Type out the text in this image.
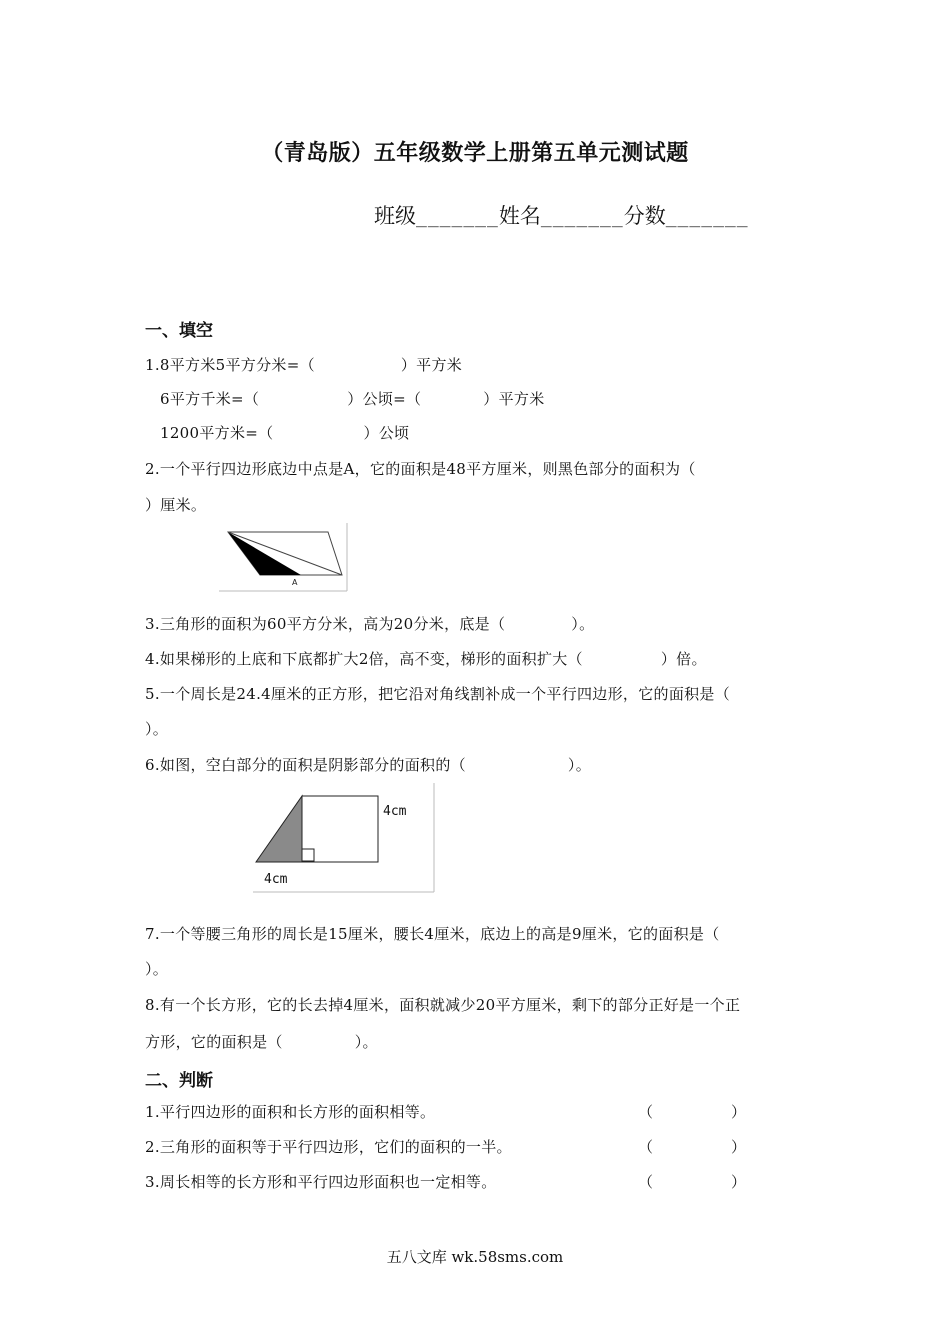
（青岛版）五年级数学上册第五单元测试题
班级_______姓名_______分数_______
一、填空
1.8平方米5平方分米=（	）平方米
6平方千米=（	）公顷=（	）平方米
1200平方米=（	）公顷
2.一个平行四边形底边中点是A，它的面积是48平方厘米，则黑色部分的面积为（
）厘米。
A
3.三角形的面积为60平方分米，高为20分米，底是（	）。
4.如果梯形的上底和下底都扩大2倍，高不变，梯形的面积扩大（	）倍。
5.一个周长是24.4厘米的正方形，把它沿对角线割补成一个平行四边形，它的面积是（
）。
6.如图，空白部分的面积是阴影部分的面积的（	）。
4cm
4cm
7.一个等腰三角形的周长是15厘米，腰长4厘米，底边上的高是9厘米，它的面积是（
）。
8.有一个长方形，它的长去掉4厘米，面积就减少20平方厘米，剩下的部分正好是一个正
方形，它的面积是（	）。
二、判断
1.平行四边形的面积和长方形的面积相等。	（	）
2.三角形的面积等于平行四边形，它们的面积的一半。	（	）
3.周长相等的长方形和平行四边形面积也一定相等。	（	）
五八文库 wk.58sms.com
